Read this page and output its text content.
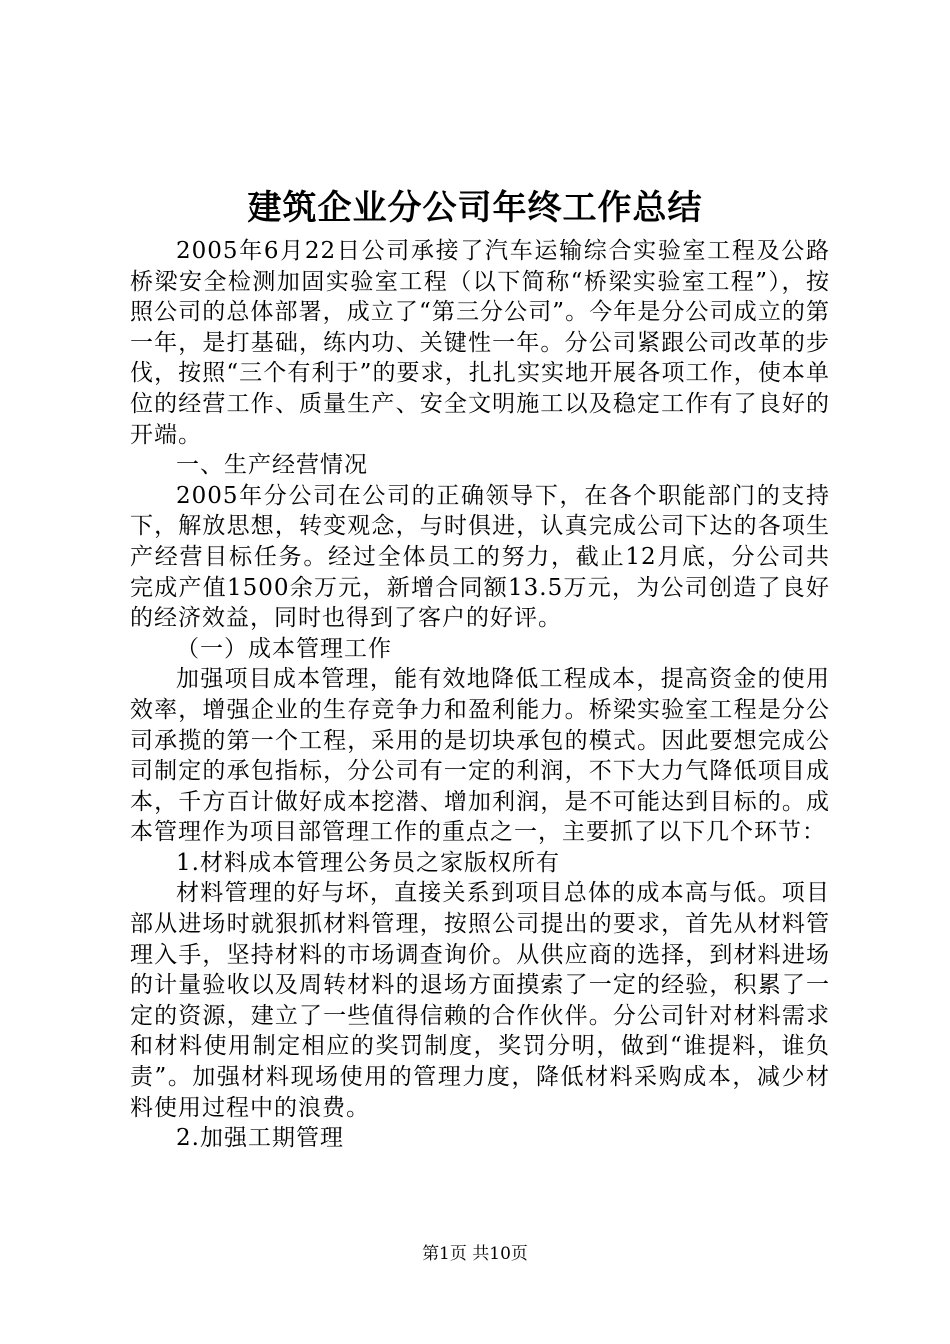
建筑企业分公司年终工作总结

2005年6月22日公司承接了汽车运输综合实验室工程及公路桥梁安全检测加固实验室工程（以下简称“桥梁实验室工程”），按照公司的总体部署，成立了“第三分公司”。今年是分公司成立的第一年，是打基础，练内功、关键性一年。分公司紧跟公司改革的步伐，按照“三个有利于”的要求，扎扎实实地开展各项工作，使本单位的经营工作、质量生产、安全文明施工以及稳定工作有了良好的开端。

一、生产经营情况

2005年分公司在公司的正确领导下，在各个职能部门的支持下，解放思想，转变观念，与时俱进，认真完成公司下达的各项生产经营目标任务。经过全体员工的努力，截止12月底，分公司共完成产值1500余万元，新增合同额13.5万元，为公司创造了良好的经济效益，同时也得到了客户的好评。

（一）成本管理工作

加强项目成本管理，能有效地降低工程成本，提高资金的使用效率，增强企业的生存竞争力和盈利能力。桥梁实验室工程是分公司承揽的第一个工程，采用的是切块承包的模式。因此要想完成公司制定的承包指标，分公司有一定的利润，不下大力气降低项目成本，千方百计做好成本挖潜、增加利润，是不可能达到目标的。成本管理作为项目部管理工作的重点之一，主要抓了以下几个环节：

1.材料成本管理公务员之家版权所有

材料管理的好与坏，直接关系到项目总体的成本高与低。项目部从进场时就狠抓材料管理，按照公司提出的要求，首先从材料管理入手，坚持材料的市场调查询价。从供应商的选择，到材料进场的计量验收以及周转材料的退场方面摸索了一定的经验，积累了一定的资源，建立了一些值得信赖的合作伙伴。分公司针对材料需求和材料使用制定相应的奖罚制度，奖罚分明，做到“谁提料，谁负责”。加强材料现场使用的管理力度，降低材料采购成本，减少材料使用过程中的浪费。

2.加强工期管理

第1页 共10页
